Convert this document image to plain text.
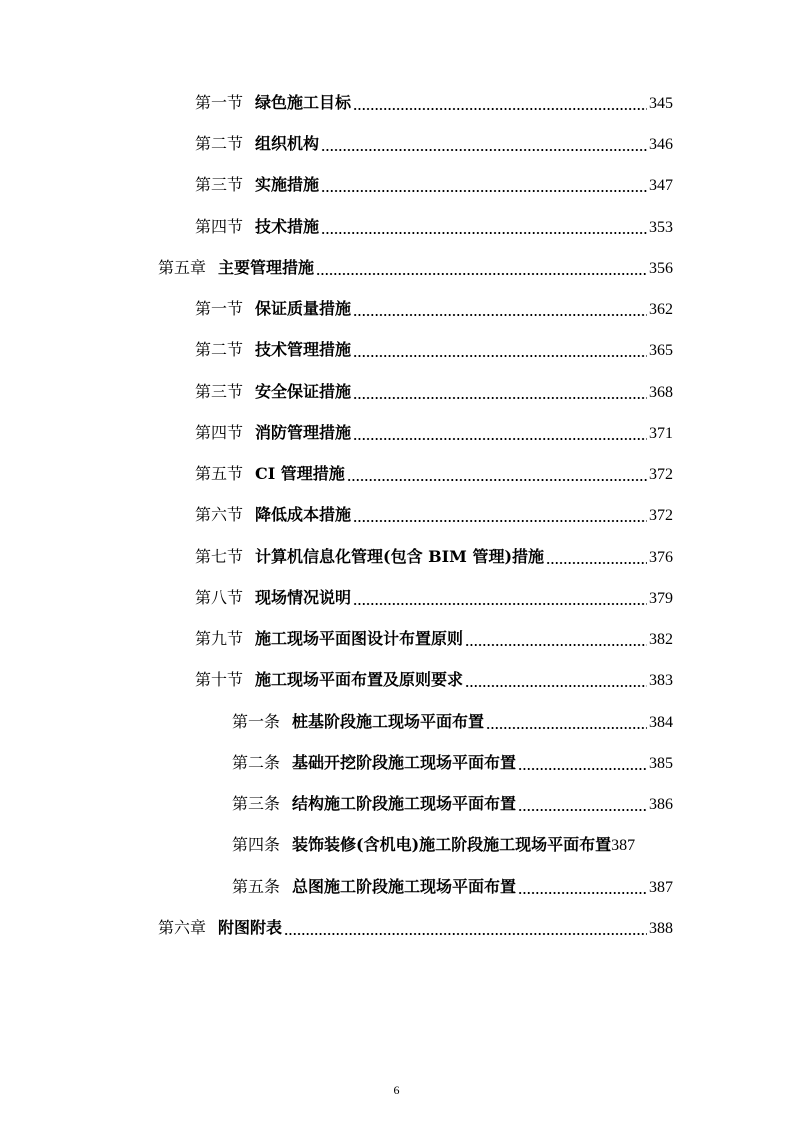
第一节 绿色施工目标	345
第二节 组织机构	346
第三节 实施措施	347
第四节 技术措施	353
第五章 主要管理措施	356
第一节 保证质量措施	362
第二节 技术管理措施	365
第三节 安全保证措施	368
第四节 消防管理措施	371
第五节 CI 管理措施	372
第六节 降低成本措施	372
第七节 计算机信息化管理(包含 BIM 管理)措施	376
第八节 现场情况说明	379
第九节 施工现场平面图设计布置原则	382
第十节 施工现场平面布置及原则要求	383
第一条 桩基阶段施工现场平面布置	384
第二条 基础开挖阶段施工现场平面布置	385
第三条 结构施工阶段施工现场平面布置	386
第四条 装饰装修(含机电)施工阶段施工现场平面布置 387
第五条 总图施工阶段施工现场平面布置	387
第六章 附图附表	388
6
